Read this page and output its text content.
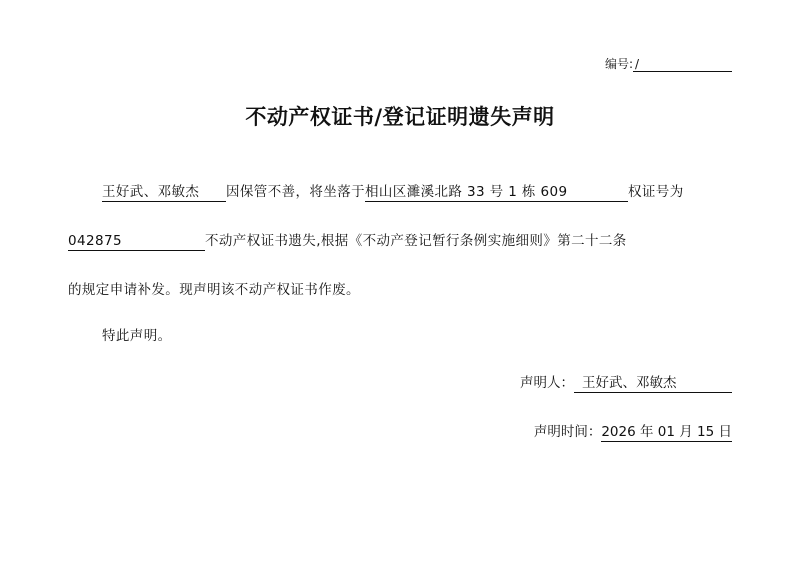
编号: /
不动产权证书/登记证明遗失声明
王好武、邓敏杰 因保管不善，将坐落于相山区濉溪北路 33 号 1 栋 609	权证号为
042875	不动产权证书遗失,根据《不动产登记暂行条例实施细则》第二十二条
的规定申请补发。现声明该不动产权证书作废。
特此声明。
声明人： 王好武、邓敏杰
声明时间：2026 年 01 月 15 日
